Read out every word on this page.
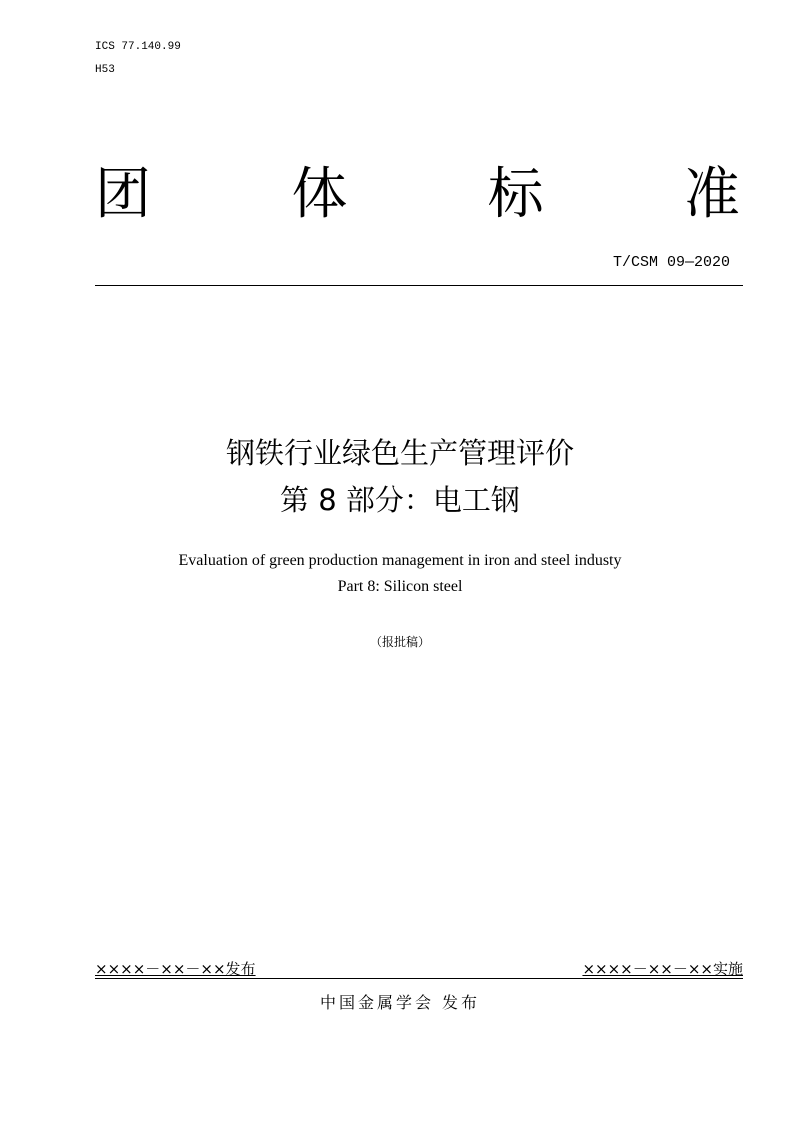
ICS 77.140.99
H53
团	体	标	准
T/CSM 09—2020
钢铁行业绿色生产管理评价
第 8 部分：电工钢
Evaluation of green production management in iron and steel industy
Part 8: Silicon steel
（报批稿）
××××－××－××发布	××××－××－××实施
中国金属学会 发布
